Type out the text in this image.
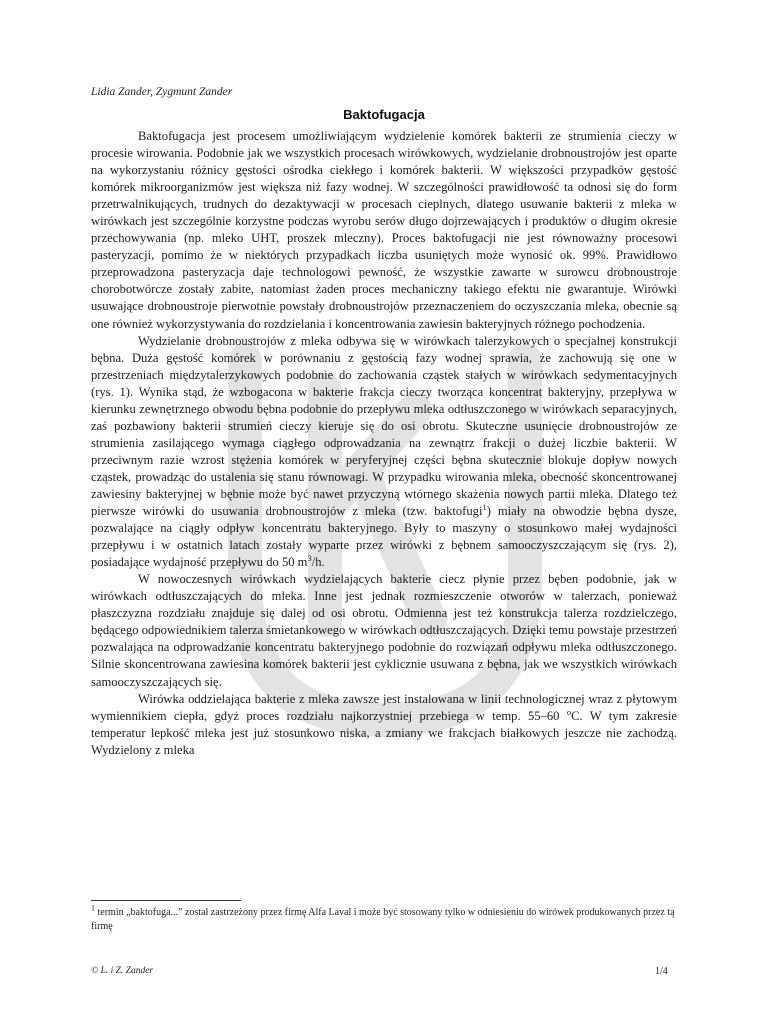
Lidia Zander, Zygmunt Zander
Baktofugacja

Baktofugacja jest procesem umożliwiającym wydzielenie komórek bakterii ze strumienia cieczy w procesie wirowania. Podobnie jak we wszystkich procesach wirówkowych, wydzielanie drobnoustrojów jest oparte na wykorzystaniu różnicy gęstości ośrodka ciekłego i komórek bakterii. W większości przypadków gęstość komórek mikroorganizmów jest większa niż fazy wodnej. W szczególności prawidłowość ta odnosi się do form przetrwalnikujących, trudnych do dezaktywacji w procesach cieplnych, dlatego usuwanie bakterii z mleka w wirówkach jest szczególnie korzystne podczas wyrobu serów długo dojrzewających i produktów o długim okresie przechowywania (np. mleko UHT, proszek mleczny). Proces baktofugacji nie jest równoważny procesowi pasteryzacji, pomimo że w niektórych przypadkach liczba usuniętych może wynosić ok. 99%. Prawidłowo przeprowadzona pasteryzacja daje technologowi pewność, że wszystkie zawarte w surowcu drobnoustroje chorobotwórcze zostały zabite, natomiast żaden proces mechaniczny takiego efektu nie gwarantuje. Wirówki usuwające drobnoustroje pierwotnie powstały drobnoustrojów przeznaczeniem do oczyszczania mleka, obecnie są one również wykorzystywania do rozdzielania i koncentrowania zawiesin bakteryjnych różnego pochodzenia.

Wydzielanie drobnoustrojów z mleka odbywa się w wirówkach talerzykowych o specjalnej konstrukcji bębna. Duża gęstość komórek w porównaniu z gęstością fazy wodnej sprawia, że zachowują się one w przestrzeniach międzytalerzykowych podobnie do zachowania cząstek stałych w wirówkach sedymentacyjnych (rys. 1). Wynika stąd, że wzbogacona w bakterie frakcja cieczy tworząca koncentrat bakteryjny, przepływa w kierunku zewnętrznego obwodu bębna podobnie do przepływu mleka odtłuszczonego w wirówkach separacyjnych, zaś pozbawiony bakterii strumień cieczy kieruje się do osi obrotu. Skuteczne usunięcie drobnoustrojów ze strumienia zasilającego wymaga ciągłego odprowadzania na zewnątrz frakcji o dużej liczbie bakterii. W przeciwnym razie wzrost stężenia komórek w peryferyjnej części bębna skutecznie blokuje dopływ nowych cząstek, prowadząc do ustalenia się stanu równowagi. W przypadku wirowania mleka, obecność skoncentrowanej zawiesiny bakteryjnej w bębnie może być nawet przyczyną wtórnego skażenia nowych partii mleka. Dlatego też pierwsze wirówki do usuwania drobnoustrojów z mleka (tzw. baktofugi$^1$) miały na obwodzie bębna dysze, pozwalające na ciągły odpływ koncentratu bakteryjnego. Były to maszyny o stosunkowo małej wydajności przepływu i w ostatnich latach zostały wyparte przez wirówki z bębnem samooczyszczającym się (rys. 2), posiadające wydajność przepływu do 50 $m^3/h$.

W nowoczesnych wirówkach wydzielających bakterie ciecz płynie przez bęben podobnie, jak w wirówkach odtłuszczających do mleka. Inne jest jednak rozmieszczenie otworów w talerzach, ponieważ płaszczyzna rozdziału znajduje się dalej od osi obrotu. Odmienna jest też konstrukcja talerza rozdzielczego, będącego odpowiednikiem talerza śmietankowego w wirówkach odtłuszczających. Dzięki temu powstaje przestrzeń pozwalająca na odprowadzanie koncentratu bakteryjnego podobnie do rozwiązań odpływu mleka odtłuszczonego. Silnie skoncentrowana zawiesina komórek bakterii jest cyklicznie usuwana z bębna, jak we wszystkich wirówkach samooczyszczających się.

Wirówka oddzielająca bakterie z mleka zawsze jest instalowana w linii technologicznej wraz z płytowym wymiennikiem ciepła, gdyż proces rozdziału najkorzystniej przebiega w temp. 55–60 $^o$C. W tym zakresie temperatur lepkość mleka jest już stosunkowo niska, a zmiany we frakcjach białkowych jeszcze nie zachodzą. Wydzielony z mleka

$^1$ termin „baktofuga...” został zastrzeżony przez firmę Alfa Laval i może być stosowany tylko w odniesieniu do wirówek produkowanych przez tą firmę
© L. i Z. Zander	1/4
